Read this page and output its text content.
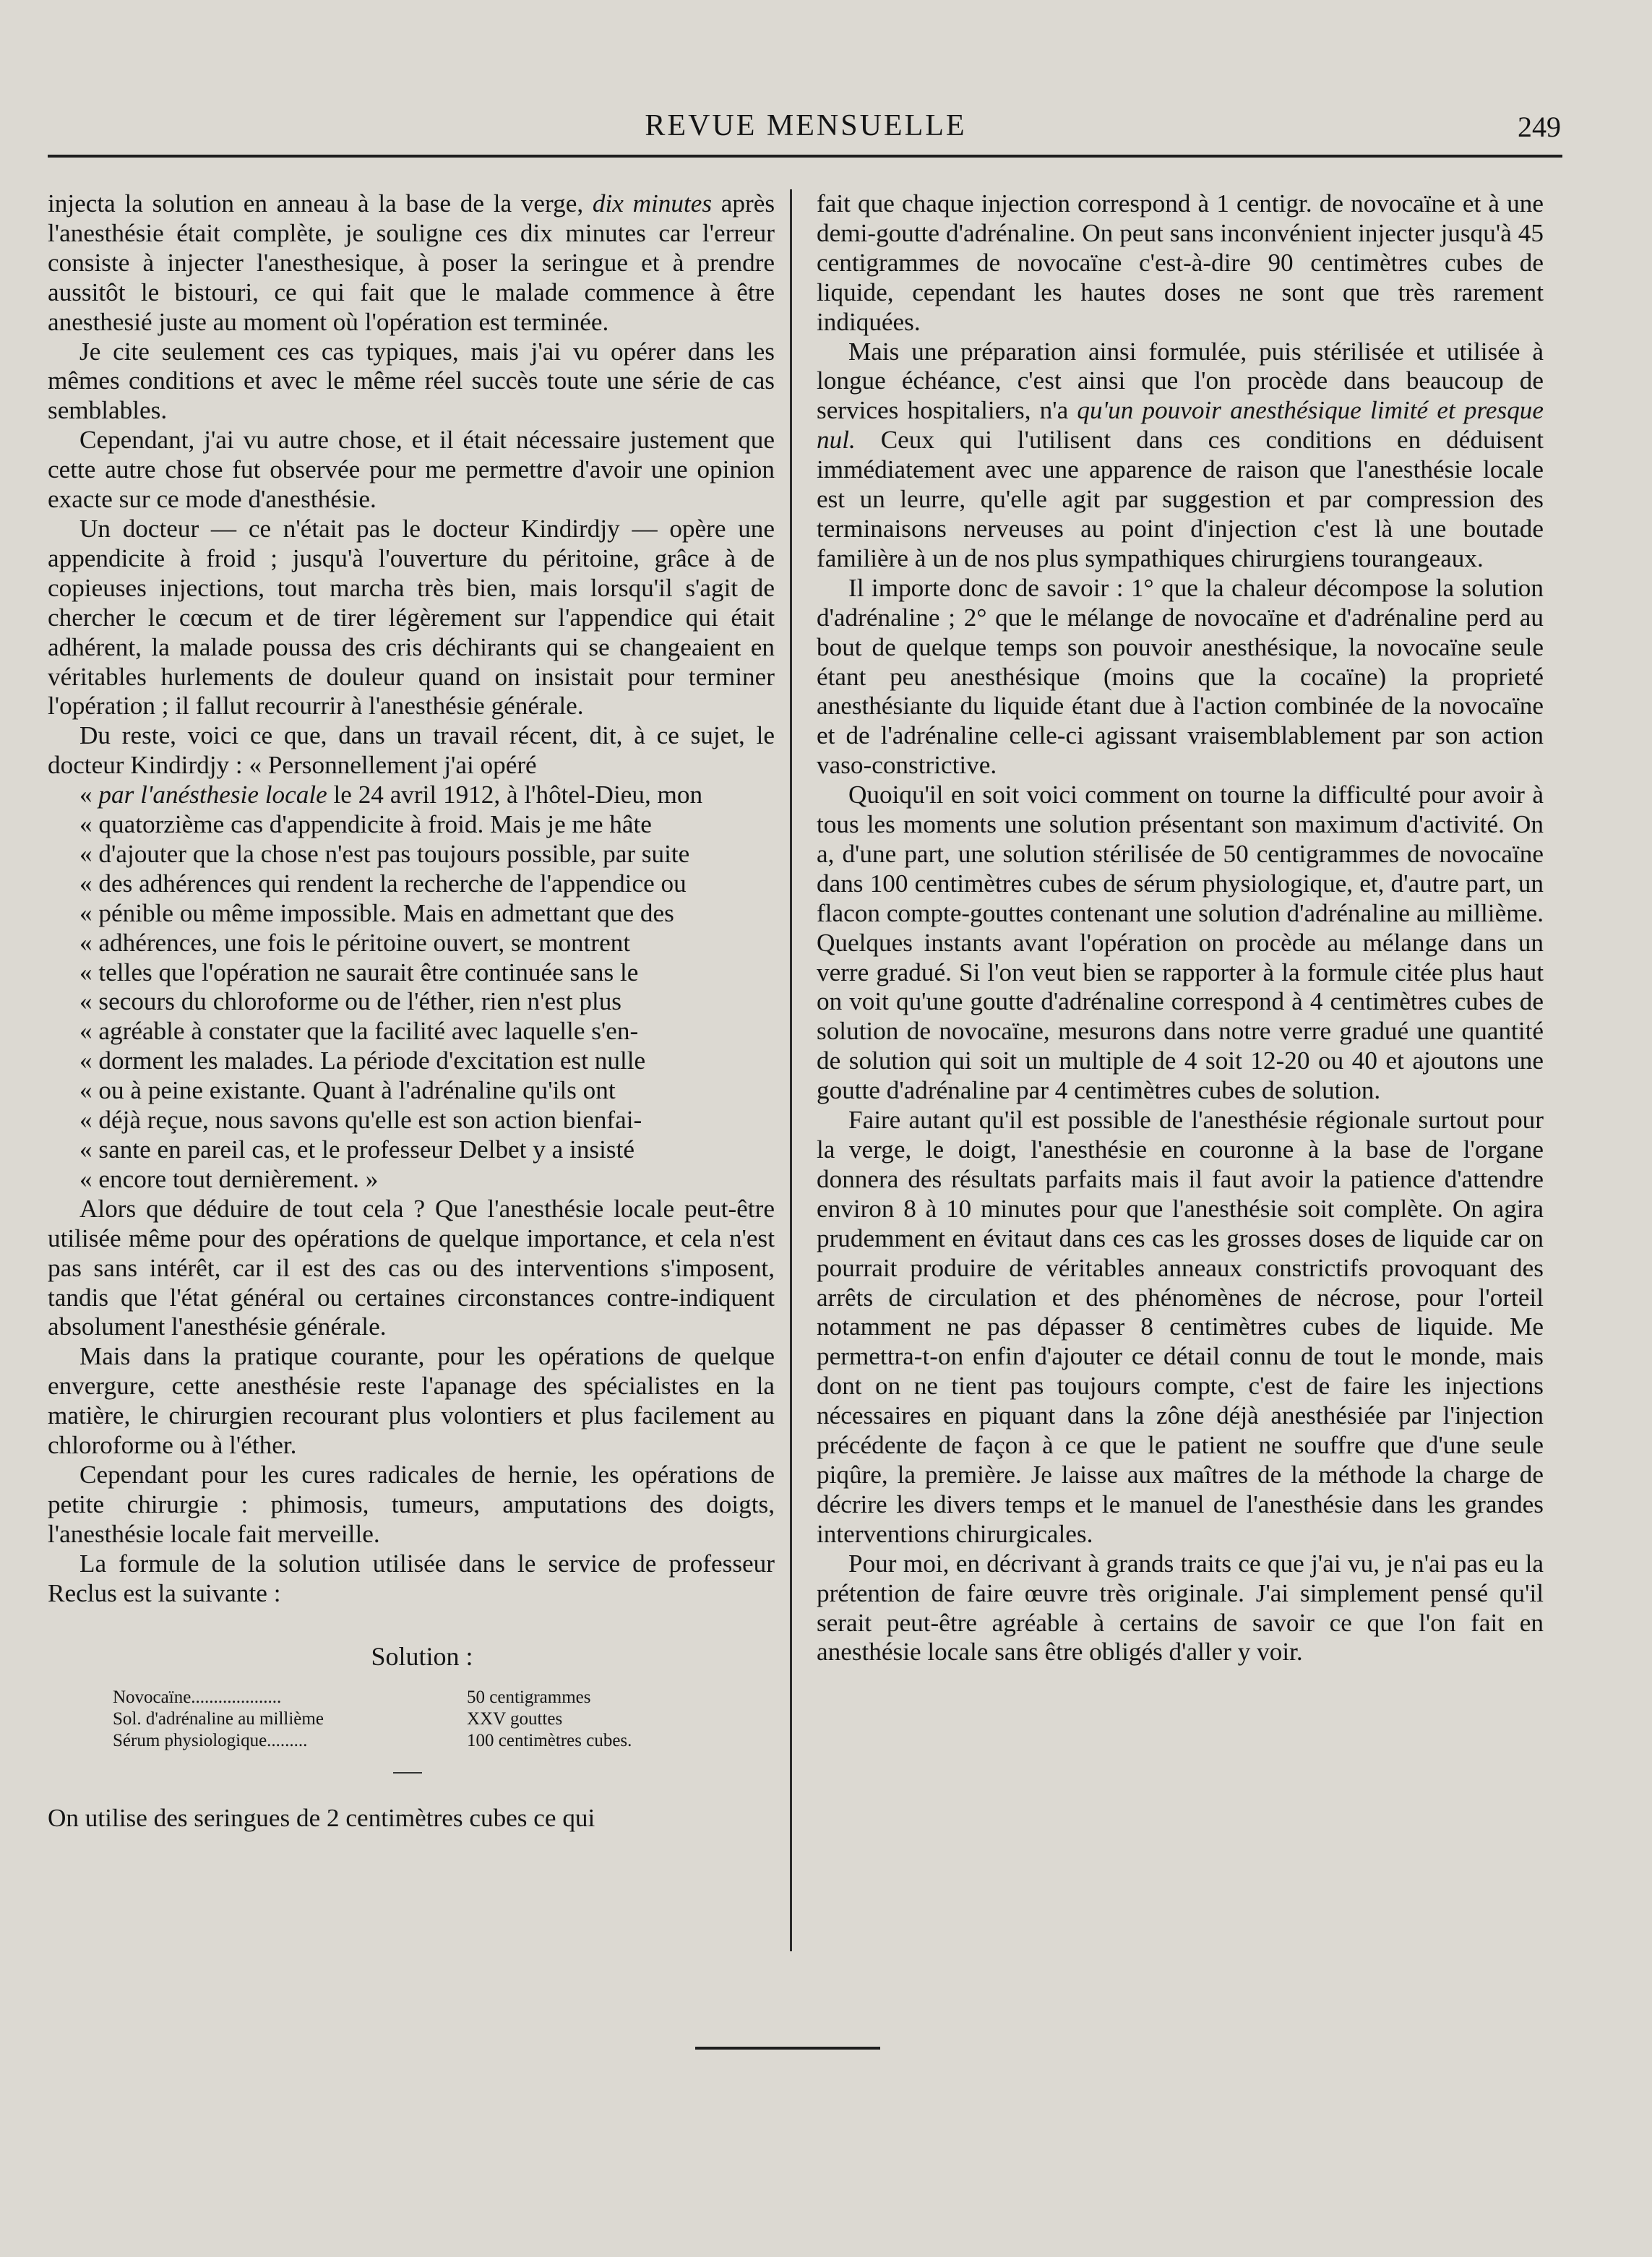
REVUE MENSUELLE	249

injecta la solution en anneau à la base de la verge, dix minutes après l'anesthésie était complète, je souligne ces dix minutes car l'erreur consiste à injecter l'anesthesique, à poser la seringue et à prendre aussitôt le bistouri, ce qui fait que le malade commence à être anesthesié juste au moment où l'opération est terminée.

Je cite seulement ces cas typiques, mais j'ai vu opérer dans les mêmes conditions et avec le même réel succès toute une série de cas semblables.

Cependant, j'ai vu autre chose, et il était nécessaire justement que cette autre chose fut observée pour me permettre d'avoir une opinion exacte sur ce mode d'anesthésie.

Un docteur — ce n'était pas le docteur Kindirdjy — opère une appendicite à froid ; jusqu'à l'ouverture du péritoine, grâce à de copieuses injections, tout marcha très bien, mais lorsqu'il s'agit de chercher le cœcum et de tirer légèrement sur l'appendice qui était adhérent, la malade poussa des cris déchirants qui se changeaient en véritables hurlements de douleur quand on insistait pour terminer l'opération ; il fallut recourrir à l'anesthésie générale.

Du reste, voici ce que, dans un travail récent, dit, à ce sujet, le docteur Kindirdjy : « Personnellement j'ai opéré

« par l'anésthesie locale le 24 avril 1912, à l'hôtel-Dieu, mon

« quatorzième cas d'appendicite à froid. Mais je me hâte

« d'ajouter que la chose n'est pas toujours possible, par suite

« des adhérences qui rendent la recherche de l'appendice ou

« pénible ou même impossible. Mais en admettant que des

« adhérences, une fois le péritoine ouvert, se montrent

« telles que l'opération ne saurait être continuée sans le

« secours du chloroforme ou de l'éther, rien n'est plus

« agréable à constater que la facilité avec laquelle s'en-

« dorment les malades. La période d'excitation est nulle

« ou à peine existante. Quant à l'adrénaline qu'ils ont

« déjà reçue, nous savons qu'elle est son action bienfai-

« sante en pareil cas, et le professeur Delbet y a insisté

« encore tout dernièrement. »

Alors que déduire de tout cela ? Que l'anesthésie locale peut-être utilisée même pour des opérations de quelque importance, et cela n'est pas sans intérêt, car il est des cas ou des interventions s'imposent, tandis que l'état général ou certaines circonstances contre-indiquent absolument l'anesthésie générale.

Mais dans la pratique courante, pour les opérations de quelque envergure, cette anesthésie reste l'apanage des spécialistes en la matière, le chirurgien recourant plus volontiers et plus facilement au chloroforme ou à l'éther.

Cependant pour les cures radicales de hernie, les opérations de petite chirurgie : phimosis, tumeurs, amputations des doigts, l'anesthésie locale fait merveille.

La formule de la solution utilisée dans le service de professeur Reclus est la suivante :

Solution :
Novocaïne....................	50 centigrammes
Sol. d'adrénaline au millième	XXV gouttes
Sérum physiologique.........	100 centimètres cubes.

On utilise des seringues de 2 centimètres cubes ce qui

fait que chaque injection correspond à 1 centigr. de novocaïne et à une demi-goutte d'adrénaline. On peut sans inconvénient injecter jusqu'à 45 centigrammes de novocaïne c'est-à-dire 90 centimètres cubes de liquide, cependant les hautes doses ne sont que très rarement indiquées.

Mais une préparation ainsi formulée, puis stérilisée et utilisée à longue échéance, c'est ainsi que l'on procède dans beaucoup de services hospitaliers, n'a qu'un pouvoir anesthésique limité et presque nul. Ceux qui l'utilisent dans ces conditions en déduisent immédiatement avec une apparence de raison que l'anesthésie locale est un leurre, qu'elle agit par suggestion et par compression des terminaisons nerveuses au point d'injection c'est là une boutade familière à un de nos plus sympathiques chirurgiens tourangeaux.

Il importe donc de savoir : 1° que la chaleur décompose la solution d'adrénaline ; 2° que le mélange de novocaïne et d'adrénaline perd au bout de quelque temps son pouvoir anesthésique, la novocaïne seule étant peu anesthésique (moins que la cocaïne) la proprieté anesthésiante du liquide étant due à l'action combinée de la novocaïne et de l'adrénaline celle-ci agissant vraisemblablement par son action vaso-constrictive.

Quoiqu'il en soit voici comment on tourne la difficulté pour avoir à tous les moments une solution présentant son maximum d'activité. On a, d'une part, une solution stérilisée de 50 centigrammes de novocaïne dans 100 centimètres cubes de sérum physiologique, et, d'autre part, un flacon compte-gouttes contenant une solution d'adrénaline au millième. Quelques instants avant l'opération on procède au mélange dans un verre gradué. Si l'on veut bien se rapporter à la formule citée plus haut on voit qu'une goutte d'adrénaline correspond à 4 centimètres cubes de solution de novocaïne, mesurons dans notre verre gradué une quantité de solution qui soit un multiple de 4 soit 12-20 ou 40 et ajoutons une goutte d'adrénaline par 4 centimètres cubes de solution.

Faire autant qu'il est possible de l'anesthésie régionale surtout pour la verge, le doigt, l'anesthésie en couronne à la base de l'organe donnera des résultats parfaits mais il faut avoir la patience d'attendre environ 8 à 10 minutes pour que l'anesthésie soit complète. On agira prudemment en évitaut dans ces cas les grosses doses de liquide car on pourrait produire de véritables anneaux constrictifs provoquant des arrêts de circulation et des phénomènes de nécrose, pour l'orteil notamment ne pas dépasser 8 centimètres cubes de liquide. Me permettra-t-on enfin d'ajouter ce détail connu de tout le monde, mais dont on ne tient pas toujours compte, c'est de faire les injections nécessaires en piquant dans la zône déjà anesthésiée par l'injection précédente de façon à ce que le patient ne souffre que d'une seule piqûre, la première. Je laisse aux maîtres de la méthode la charge de décrire les divers temps et le manuel de l'anesthésie dans les grandes interventions chirurgicales.

Pour moi, en décrivant à grands traits ce que j'ai vu, je n'ai pas eu la prétention de faire œuvre très originale. J'ai simplement pensé qu'il serait peut-être agréable à certains de savoir ce que l'on fait en anesthésie locale sans être obligés d'aller y voir.
